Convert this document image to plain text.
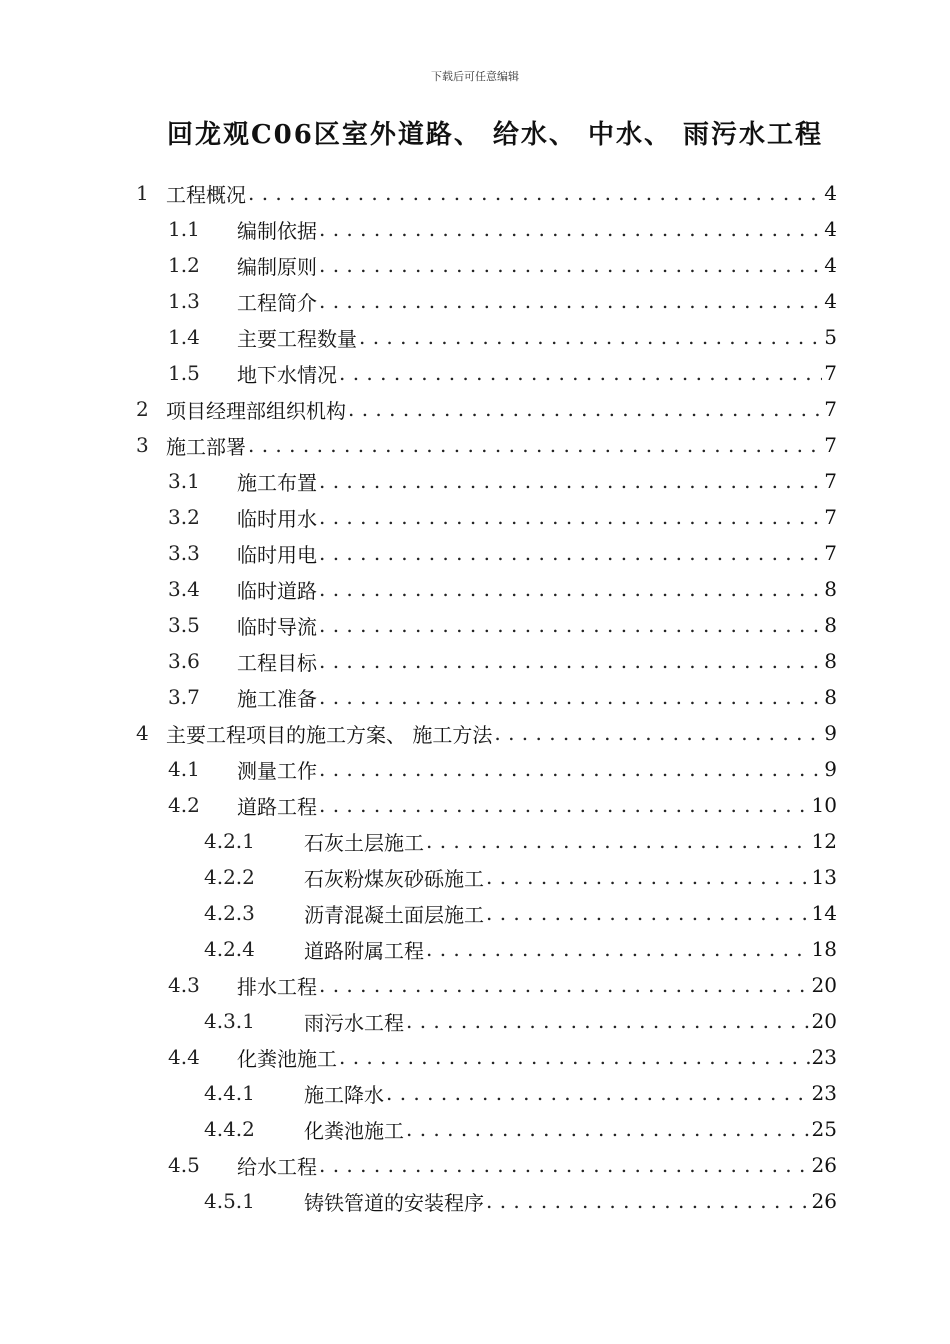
下载后可任意编辑
回龙观C06区室外道路、 给水、 中水、 雨污水工程
1 工程概况 . . .	4
1.1	编制依据 . . .	4
1.2	编制原则 . . .	4
1.3	工程简介 . . .	4
1.4	主要工程数量 . . .	5
1.5	地下水情况 . . .	7
2 项目经理部组织机构 . . .	7
3 施工部署 . . .	7
3.1	施工布置 . . .	7
3.2	临时用水 . . .	7
3.3	临时用电 . . .	7
3.4	临时道路 . . .	8
3.5	临时导流 . . .	8
3.6	工程目标 . . .	8
3.7	施工准备 . . .	8
4 主要工程项目的施工方案、 施工方法 . . .	9
4.1	测量工作 . . .	9
4.2	道路工程 . . .	10
4.2.1	石灰土层施工 . . .	12
4.2.2	石灰粉煤灰砂砾施工 . . .	13
4.2.3	沥青混凝土面层施工 . . .	14
4.2.4	道路附属工程 . . .	18
4.3	排水工程 . . .	20
4.3.1	雨污水工程 . . .	20
4.4	化粪池施工 . . .	23
4.4.1	施工降水 . . .	23
4.4.2	化粪池施工 . . .	25
4.5	给水工程 . . .	26
4.5.1	铸铁管道的安装程序 . . .	26
